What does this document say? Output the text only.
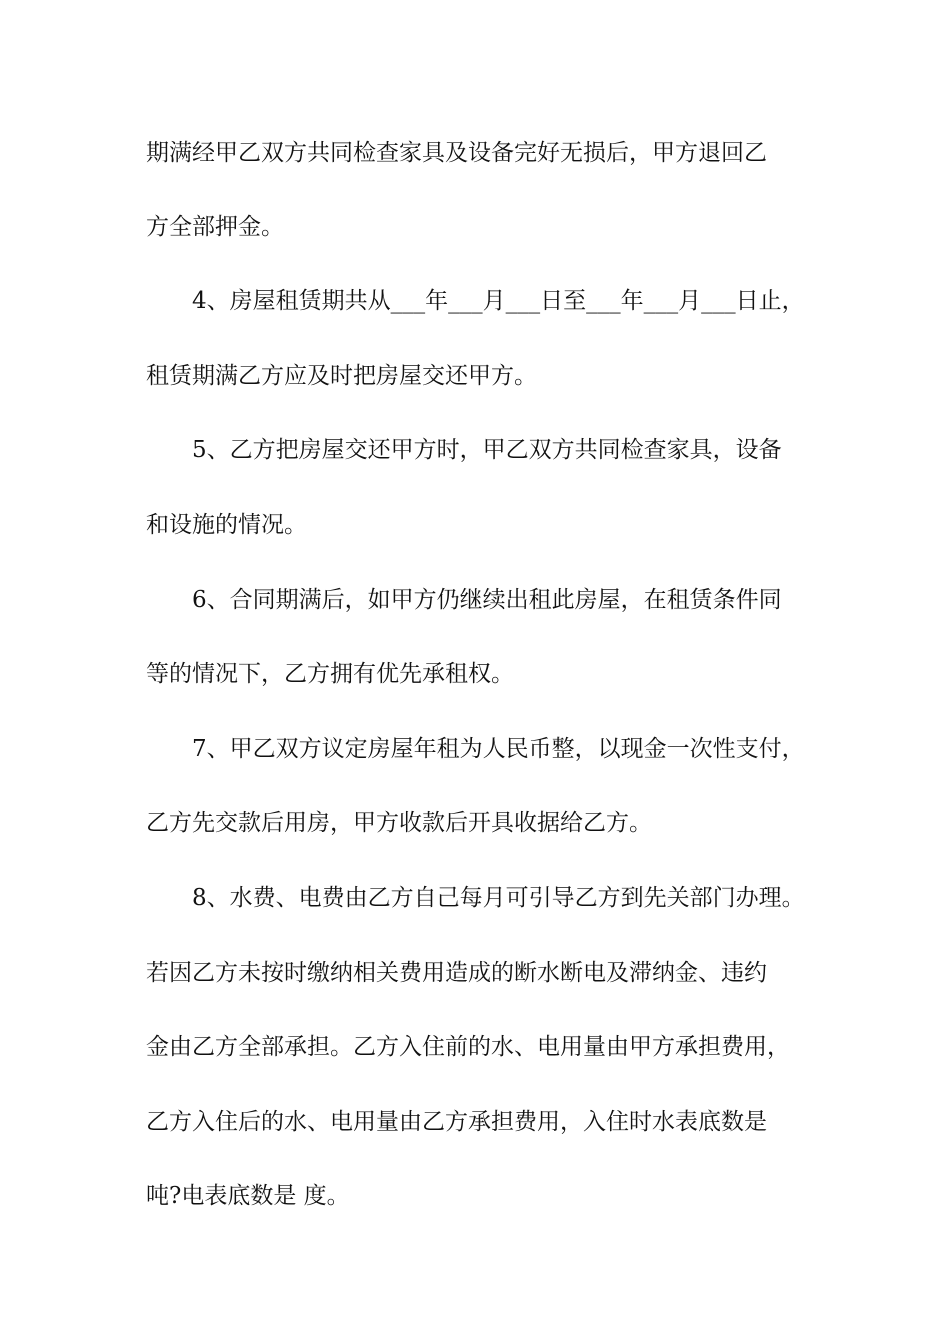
期满经甲乙双方共同检查家具及设备完好无损后，甲方退回乙
方全部押金。
4、房屋租赁期共从___年___月___日至___年___月___日止，
租赁期满乙方应及时把房屋交还甲方。
5、乙方把房屋交还甲方时，甲乙双方共同检查家具，设备
和设施的情况。
6、合同期满后，如甲方仍继续出租此房屋，在租赁条件同
等的情况下，乙方拥有优先承租权。
7、甲乙双方议定房屋年租为人民币整，以现金一次性支付，
乙方先交款后用房，甲方收款后开具收据给乙方。
8、水费、电费由乙方自己每月可引导乙方到先关部门办理。
若因乙方未按时缴纳相关费用造成的断水断电及滞纳金、违约
金由乙方全部承担。乙方入住前的水、电用量由甲方承担费用，
乙方入住后的水、电用量由乙方承担费用，入住时水表底数是
吨?电表底数是 度。
